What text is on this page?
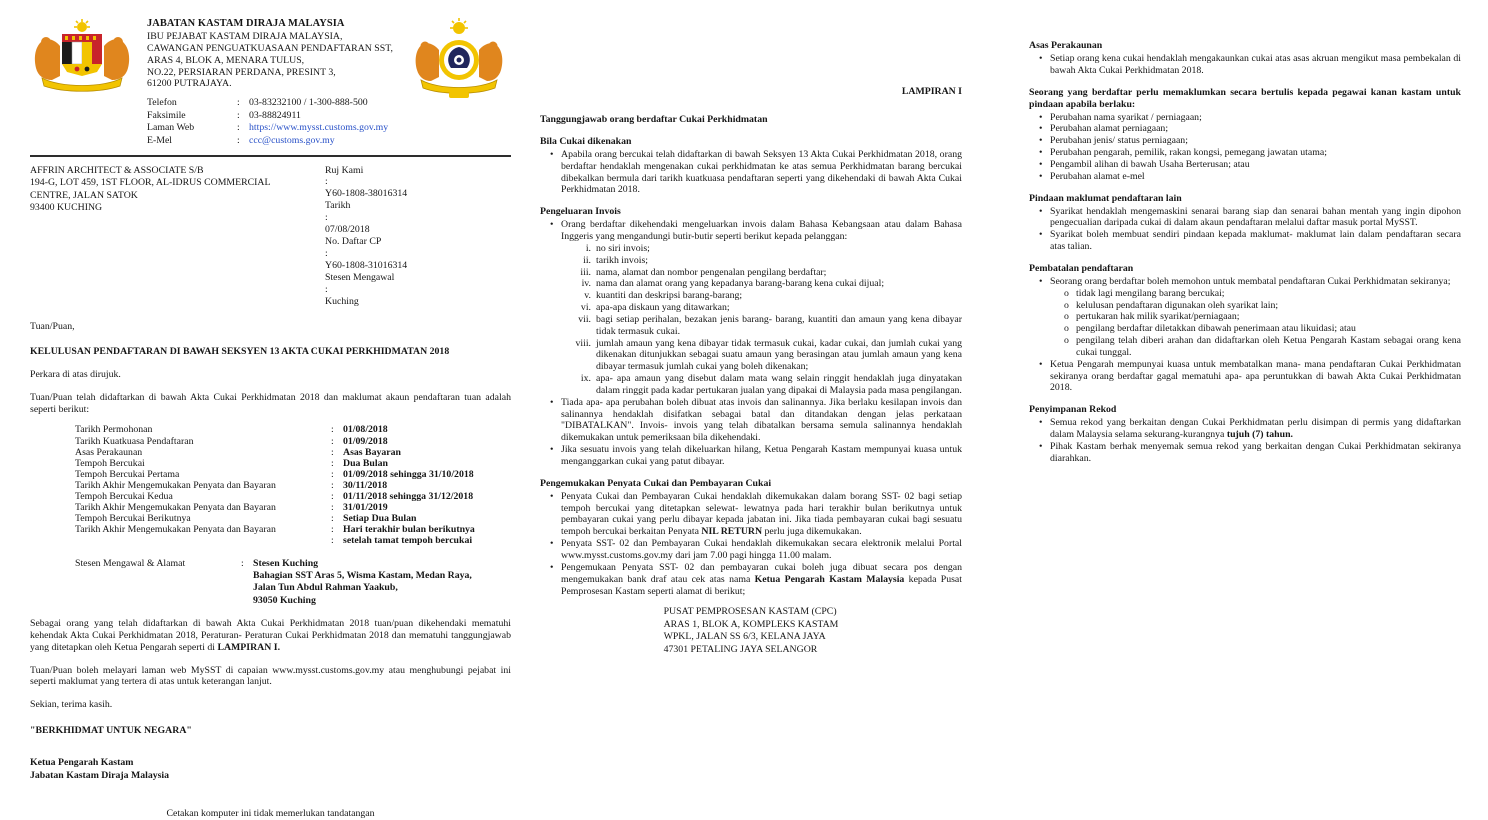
JABATAN KASTAM DIRAJA MALAYSIA
IBU PEJABAT KASTAM DIRAJA MALAYSIA,
CAWANGAN PENGUATKUASAAN PENDAFTARAN SST,
ARAS 4, BLOK A, MENARA TULUS,
NO.22, PERSIARAN PERDANA, PRESINT 3,
61200 PUTRAJAYA.
Telefon	: 03-83232100 / 1-300-888-500
Faksimile	: 03-88824911
Laman Web	: https://www.mysst.customs.gov.my
E-Mel	: ccc@customs.gov.my
AFFRIN ARCHITECT & ASSOCIATE S/B
194-G, LOT 459, 1ST FLOOR, AL-IDRUS COMMERCIAL
CENTRE, JALAN SATOK
93400 KUCHING
Ruj Kami
:
Y60-1808-38016314
Tarikh
:
07/08/2018
No. Daftar CP
:
Y60-1808-31016314
Stesen Mengawal
:
Kuching

Tuan/Puan,

KELULUSAN PENDAFTARAN DI BAWAH SEKSYEN 13 AKTA CUKAI PERKHIDMATAN 2018

Perkara di atas dirujuk.

Tuan/Puan telah didaftarkan di bawah Akta Cukai Perkhidmatan 2018 dan maklumat akaun pendaftaran tuan adalah seperti berikut:

Tarikh Permohonan	: 01/08/2018
Tarikh Kuatkuasa Pendaftaran	: 01/09/2018
Asas Perakaunan	: Asas Bayaran
Tempoh Bercukai	: Dua Bulan
Tempoh Bercukai Pertama	: 01/09/2018 sehingga 31/10/2018
Tarikh Akhir Mengemukakan Penyata dan Bayaran	: 30/11/2018
Tempoh Bercukai Kedua	: 01/11/2018 sehingga 31/12/2018
Tarikh Akhir Mengemukakan Penyata dan Bayaran	: 31/01/2019
Tempoh Bercukai Berikutnya	: Setiap Dua Bulan
Tarikh Akhir Mengemukakan Penyata dan Bayaran	: Hari terakhir bulan berikutnya
: setelah tamat tempoh bercukai
Stesen Mengawal & Alamat	: Stesen Kuching
Bahagian SST Aras 5, Wisma Kastam, Medan Raya,
Jalan Tun Abdul Rahman Yaakub,
93050 Kuching

Sebagai orang yang telah didaftarkan di bawah Akta Cukai Perkhidmatan 2018 tuan/puan dikehendaki mematuhi kehendak Akta Cukai Perkhidmatan 2018, Peraturan- Peraturan Cukai Perkhidmatan 2018 dan mematuhi tanggungjawab yang ditetapkan oleh Ketua Pengarah seperti di LAMPIRAN I.

Tuan/Puan boleh melayari laman web MySST di capaian www.mysst.customs.gov.my atau menghubungi pejabat ini seperti maklumat yang tertera di atas untuk keterangan lanjut.

Sekian, terima kasih.

"BERKHIDMAT UNTUK NEGARA"

Ketua Pengarah Kastam
Jabatan Kastam Diraja Malaysia
Cetakan komputer ini tidak memerlukan tandatangan
LAMPIRAN I
Tanggungjawab orang berdaftar Cukai Perkhidmatan
Bila Cukai dikenakan
• Apabila orang bercukai telah didaftarkan di bawah Seksyen 13 Akta Cukai Perkhidmatan 2018, orang berdaftar hendaklah mengenakan cukai perkhidmatan ke atas semua Perkhidmatan barang bercukai dibekalkan bermula dari tarikh kuatkuasa pendaftaran seperti yang dikehendaki di bawah Akta Cukai Perkhidmatan 2018.
Pengeluaran Invois
• Orang berdaftar dikehendaki mengeluarkan invois dalam Bahasa Kebangsaan atau dalam Bahasa Inggeris yang mengandungi butir-butir seperti berikut kepada pelanggan:
i. no siri invois;
ii. tarikh invois;
iii. nama, alamat dan nombor pengenalan pengilang berdaftar;
iv. nama dan alamat orang yang kepadanya barang-barang kena cukai dijual;
v. kuantiti dan deskripsi barang-barang;
vi. apa-apa diskaun yang ditawarkan;
vii. bagi setiap perihalan, bezakan jenis barang- barang, kuantiti dan amaun yang kena dibayar tidak termasuk cukai.
viii. jumlah amaun yang kena dibayar tidak termasuk cukai, kadar cukai, dan jumlah cukai yang dikenakan ditunjukkan sebagai suatu amaun yang berasingan atau jumlah amaun yang kena dibayar termasuk jumlah cukai yang boleh dikenakan;
ix. apa- apa amaun yang disebut dalam mata wang selain ringgit hendaklah juga dinyatakan dalam ringgit pada kadar pertukaran jualan yang dipakai di Malaysia pada masa pengilangan.
• Tiada apa- apa perubahan boleh dibuat atas invois dan salinannya. Jika berlaku kesilapan invois dan salinannya hendaklah disifatkan sebagai batal dan ditandakan dengan jelas perkataan "DIBATALKAN". Invois- invois yang telah dibatalkan bersama semula salinannya hendaklah dikemukakan untuk pemeriksaan bila dikehendaki.
• Jika sesuatu invois yang telah dikeluarkan hilang, Ketua Pengarah Kastam mempunyai kuasa untuk menganggarkan cukai yang patut dibayar.
Pengemukakan Penyata Cukai dan Pembayaran Cukai
• Penyata Cukai dan Pembayaran Cukai hendaklah dikemukakan dalam borang SST- 02 bagi setiap tempoh bercukai yang ditetapkan selewat- lewatnya pada hari terakhir bulan berikutnya untuk pembayaran cukai yang perlu dibayar kepada jabatan ini. Jika tiada pembayaran cukai bagi sesuatu tempoh bercukai berkaitan Penyata NIL RETURN perlu juga dikemukakan.
• Penyata SST- 02 dan Pembayaran Cukai hendaklah dikemukakan secara elektronik melalui Portal www.mysst.customs.gov.my dari jam 7.00 pagi hingga 11.00 malam.
• Pengemukaan Penyata SST- 02 dan pembayaran cukai boleh juga dibuat secara pos dengan mengemukakan bank draf atau cek atas nama Ketua Pengarah Kastam Malaysia kepada Pusat Pemprosesan Kastam seperti alamat di berikut;
PUSAT PEMPROSESAN KASTAM (CPC)
ARAS 1, BLOK A, KOMPLEKS KASTAM
WPKL, JALAN SS 6/3, KELANA JAYA
47301 PETALING JAYA SELANGOR
Asas Perakaunan
• Setiap orang kena cukai hendaklah mengakaunkan cukai atas asas akruan mengikut masa pembekalan di bawah Akta Cukai Perkhidmatan 2018.
Seorang yang berdaftar perlu memaklumkan secara bertulis kepada pegawai kanan kastam untuk pindaan apabila berlaku:
• Perubahan nama syarikat / perniagaan;
• Perubahan alamat perniagaan;
• Perubahan jenis/ status perniagaan;
• Perubahan pengarah, pemilik, rakan kongsi, pemegang jawatan utama;
• Pengambil alihan di bawah Usaha Berterusan; atau
• Perubahan alamat e-mel
Pindaan maklumat pendaftaran lain
• Syarikat hendaklah mengemaskini senarai barang siap dan senarai bahan mentah yang ingin dipohon pengecualian daripada cukai di dalam akaun pendaftaran melalui daftar masuk portal MySST.
• Syarikat boleh membuat sendiri pindaan kepada maklumat- maklumat lain dalam pendaftaran secara atas talian.
Pembatalan pendaftaran
• Seorang orang berdaftar boleh memohon untuk membatal pendaftaran Cukai Perkhidmatan sekiranya;
o tidak lagi mengilang barang bercukai;
o kelulusan pendaftaran digunakan oleh syarikat lain;
o pertukaran hak milik syarikat/perniagaan;
o pengilang berdaftar diletakkan dibawah penerimaan atau likuidasi; atau
o pengilang telah diberi arahan dan didaftarkan oleh Ketua Pengarah Kastam sebagai orang kena cukai tunggal.
• Ketua Pengarah mempunyai kuasa untuk membatalkan mana- mana pendaftaran Cukai Perkhidmatan sekiranya orang berdaftar gagal mematuhi apa- apa peruntukkan di bawah Akta Cukai Perkhidmatan 2018.
Penyimpanan Rekod
• Semua rekod yang berkaitan dengan Cukai Perkhidmatan perlu disimpan di permis yang didaftarkan dalam Malaysia selama sekurang-kurangnya tujuh (7) tahun.
• Pihak Kastam berhak menyemak semua rekod yang berkaitan dengan Cukai Perkhidmatan sekiranya diarahkan.
